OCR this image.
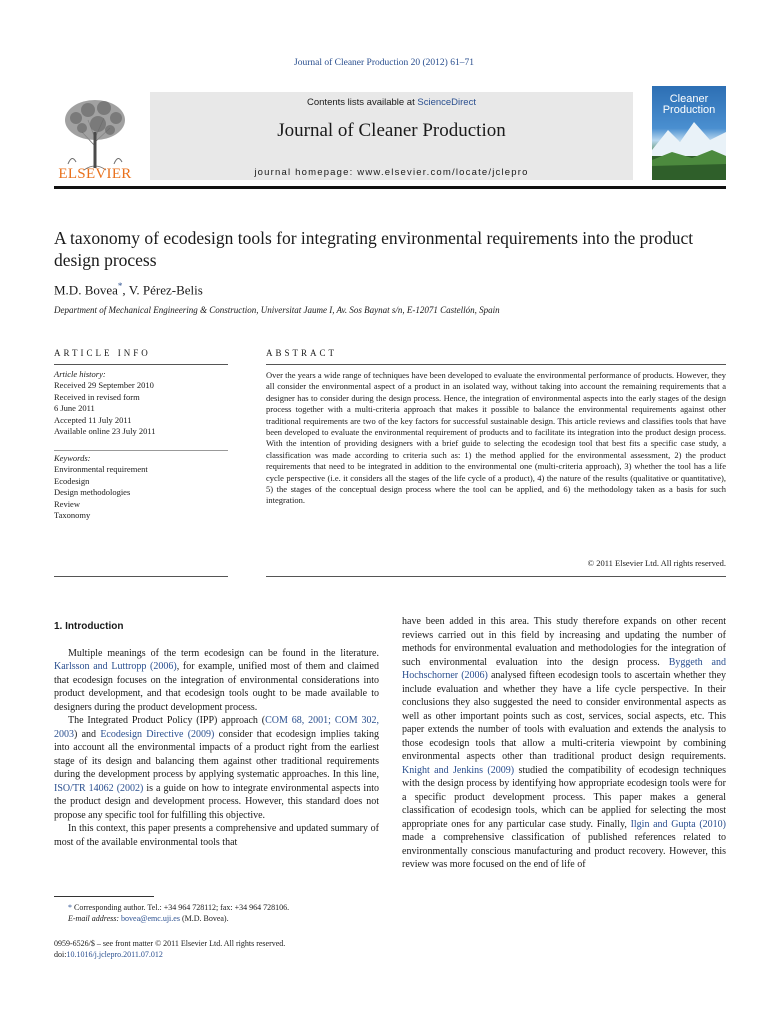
Journal of Cleaner Production 20 (2012) 61–71
ELSEVIER
Contents lists available at ScienceDirect
Journal of Cleaner Production
journal homepage: www.elsevier.com/locate/jclepro
Cleaner
Production
A taxonomy of ecodesign tools for integrating environmental requirements into the product design process
M.D. Bovea*, V. Pérez-Belis
Department of Mechanical Engineering & Construction, Universitat Jaume I, Av. Sos Baynat s/n, E-12071 Castellón, Spain
ARTICLE INFO	ABSTRACT
Article history:
Received 29 September 2010
Received in revised form
6 June 2011
Accepted 11 July 2011
Available online 23 July 2011
Keywords:
Environmental requirement
Ecodesign
Design methodologies
Review
Taxonomy

Over the years a wide range of techniques have been developed to evaluate the environmental performance of products. However, they all consider the environmental aspect of a product in an isolated way, without taking into account the remaining requirements that a designer has to consider during the design process. Hence, the integration of environmental aspects into the early stages of the design process together with a multi-criteria approach that makes it possible to balance the environmental requirements against other traditional requirements are two of the key factors for successful sustainable design. This article reviews and classifies tools that have been developed to evaluate the environmental requirement of products and to facilitate its integration into the product design process. With the intention of providing designers with a brief guide to selecting the ecodesign tool that best fits a specific case study, a classification was made according to criteria such as: 1) the method applied for the environmental assessment, 2) the product requirements that need to be integrated in addition to the environmental one (multi-criteria approach), 3) whether the tool has a life cycle perspective (i.e. it considers all the stages of the life cycle of a product), 4) the nature of the results (qualitative or quantitative), 5) the stages of the conceptual design process where the tool can be applied, and 6) the methodology taken as a basis for such integration.

© 2011 Elsevier Ltd. All rights reserved.
1. Introduction

Multiple meanings of the term ecodesign can be found in the literature. Karlsson and Luttropp (2006), for example, unified most of them and claimed that ecodesign focuses on the integration of environmental considerations into product development, and that ecodesign tools ought to be made available to designers during the product development process.

The Integrated Product Policy (IPP) approach (COM 68, 2001; COM 302, 2003) and Ecodesign Directive (2009) consider that ecodesign implies taking into account all the environmental impacts of a product right from the earliest stage of its design and balancing them against other traditional requirements during the development process by applying systematic approaches. In this line, ISO/TR 14062 (2002) is a guide on how to integrate environmental aspects into the product design and development process. However, this standard does not propose any specific tool for fulfilling this objective.

In this context, this paper presents a comprehensive and updated summary of most of the available environmental tools that

have been added in this area. This study therefore expands on other recent reviews carried out in this field by increasing and updating the number of methods for environmental evaluation and methodologies for the integration of such environmental evaluation into the design process. Byggeth and Hochschorner (2006) analysed fifteen ecodesign tools to ascertain whether they include evaluation and whether they have a life cycle perspective. In their conclusions they also suggested the need to consider environmental aspects as well as other important points such as cost, services, social aspects, etc. This paper extends the number of tools with evaluation and extends the analysis to those ecodesign tools that allow a multi-criteria viewpoint by combining environmental aspects other than traditional product design requirements. Knight and Jenkins (2009) studied the compatibility of ecodesign techniques with the design process by identifying how appropriate ecodesign tools were for a specific product development process. This paper makes a general classification of ecodesign tools, which can be applied for selecting the most appropriate ones for any particular case study. Finally, Ilgin and Gupta (2010) made a comprehensive classification of published references related to environmentally conscious manufacturing and product recovery. However, this review was more focused on the end of life of

* Corresponding author. Tel.: +34 964 728112; fax: +34 964 728106.
E-mail address: bovea@emc.uji.es (M.D. Bovea).
0959-6526/$ – see front matter © 2011 Elsevier Ltd. All rights reserved.
doi:10.1016/j.jclepro.2011.07.012
